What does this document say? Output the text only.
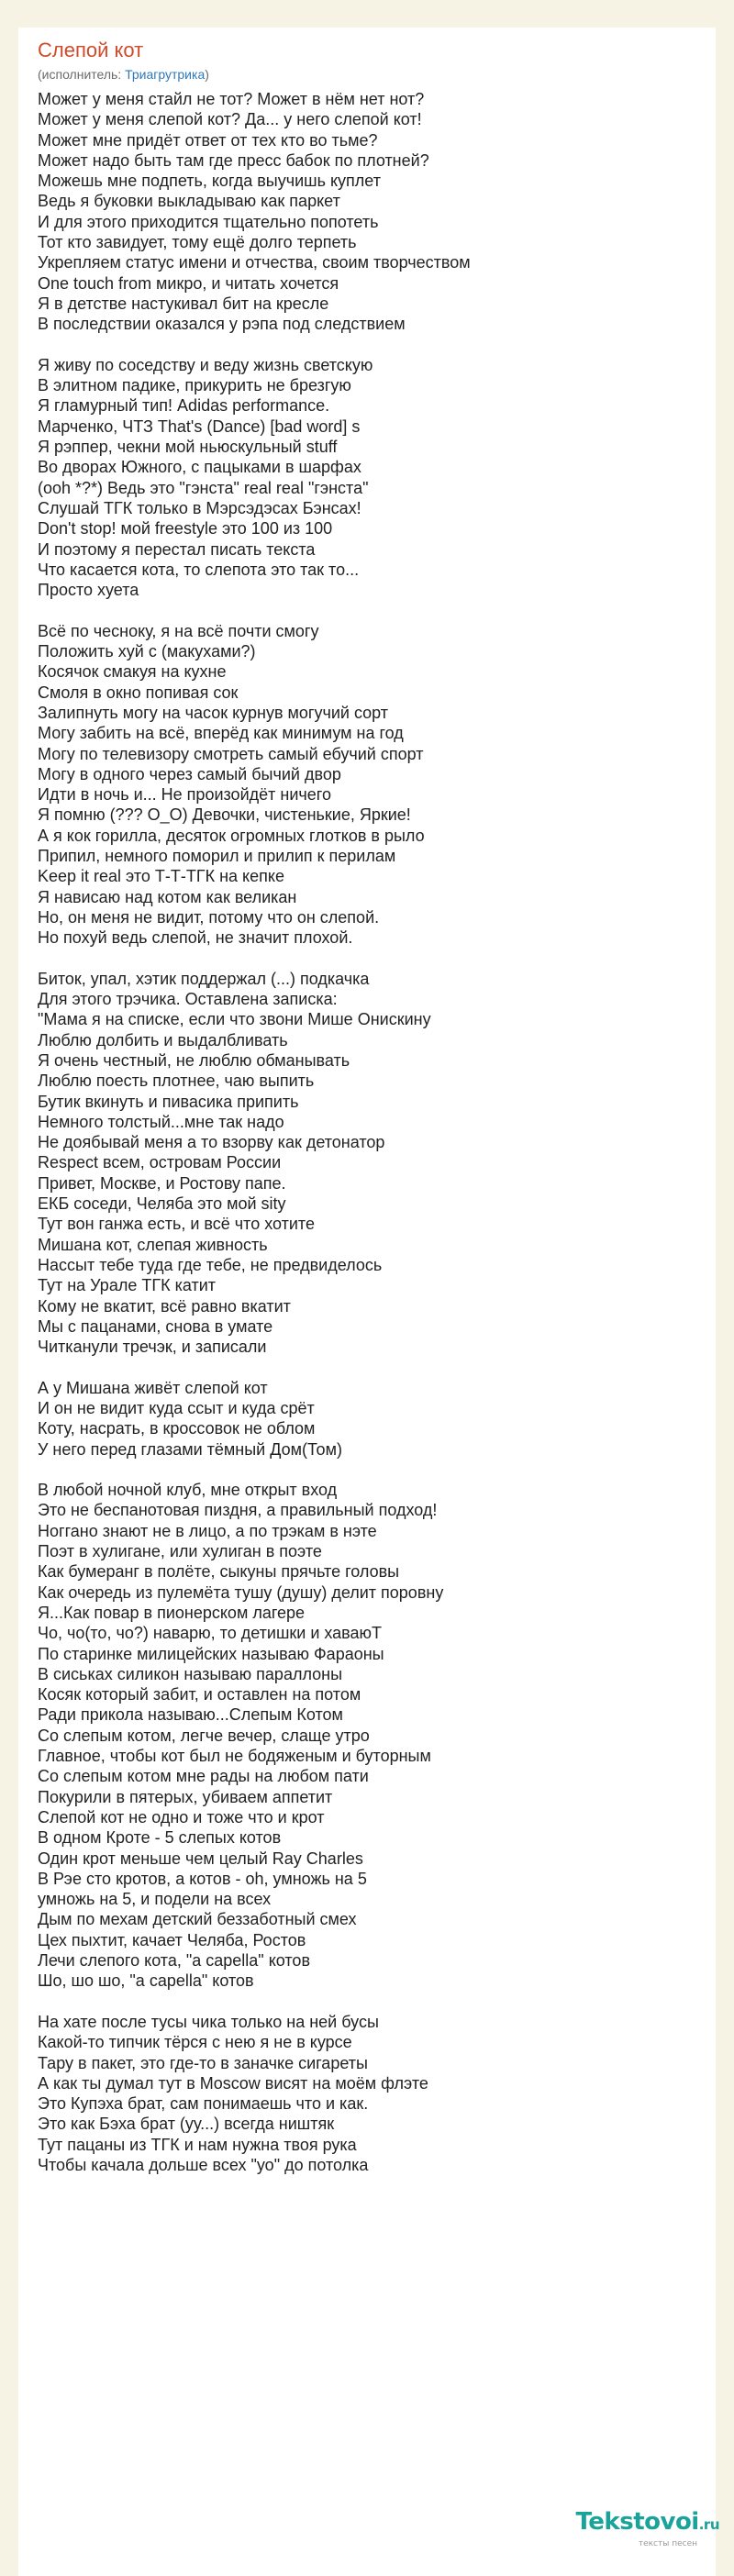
Слепой кот
(исполнитель: Триагрутрика)
Может у меня стайл не тот? Может в нём нет нот?
Может у меня слепой кот? Да... у него слепой кот!
Может мне придёт ответ от тех кто во тьме?
Может надо быть там где пресс бабок по плотней?
Можешь мне подпеть, когда выучишь куплет
Ведь я буковки выкладываю как паркет
И для этого приходится тщательно попотеть
Тот кто завидует, тому ещё долго терпеть
Укрепляем статус имени и отчества, своим творчеством
One touch from микро, и читать хочется
Я в детстве настукивал бит на кресле
В последствии оказался у рэпа под следствием
Я живу по соседству и веду жизнь светскую
В элитном падике, прикурить не брезгую
Я гламурный тип! Adidas performance.
Марченко, ЧТЗ That's (Dance) [bad word] s
Я рэппер, чекни мой ньюскульный stuff
Во дворах Южного, с пацыками в шарфах
(ooh *?*) Ведь это "гэнста" real real "гэнста"
Слушай ТГК только в Мэрсэдэсах Бэнсах!
Don't stop! мой freestyle это 100 из 100
И поэтому я перестал писать текста
Что касается кота, то слепота это так то...
Просто хуета
Всё по чесноку, я на всё почти смогу
Положить хуй с (макухами?)
Косячок смакуя на кухне
Смоля в окно попивая сок
Залипнуть могу на часок курнув могучий сорт
Могу забить на всё, вперёд как минимум на год
Могу по телевизору смотреть самый ебучий спорт
Могу в одного через самый бычий двор
Идти в ночь и... Не произойдёт ничего
Я помню (??? О_О) Девочки, чистенькие, Яркие!
А я кок горилла, десяток огромных глотков в рыло
Припил, немного поморил и прилип к перилам
Keep it real это Т-Т-ТГК на кепке
Я нависаю над котом как великан
Но, он меня не видит, потому что он слепой.
Но похуй ведь слепой, не значит плохой.
Биток, упал, хэтик поддержал (...) подкачка
Для этого трэчика. Оставлена записка:
"Мама я на списке, если что звони Мише Онискину
Люблю долбить и выдалбливать
Я очень честный, не люблю обманывать
Люблю поесть плотнее, чаю выпить
Бутик вкинуть и пивасика припить
Немного толстый...мне так надо
Не доябывай меня а то взорву как детонатор
Respect всем, островам России
Привет, Москве, и Ростову папе.
ЕКБ соседи, Челяба это мой sity
Тут вон ганжа есть, и всё что хотите
Мишана кот, слепая живность
Нассыт тебе туда где тебе, не предвиделось
Тут на Урале ТГК катит
Кому не вкатит, всё равно вкатит
Мы с пацанами, снова в умате
Читканули тречэк, и записали
А у Мишана живёт слепой кот
И он не видит куда ссыт и куда срёт
Коту, насрать, в кроссовок не облом
У него перед глазами тёмный Дом(Том)
В любой ночной клуб, мне открыт вход
Это не беспанотовая пиздня, а правильный подход!
Ноггано знают не в лицо, а по трэкам в нэте
Поэт в хулигане, или хулиган в поэте
Как бумеранг в полёте, сыкуны прячьте головы
Как очередь из пулемёта тушу (душу) делит поровну
Я...Как повар в пионерском лагере
Чо, чо(то, чо?) наварю, то детишки и хаваюТ
По старинке милицейских называю Фараоны
В сиськах силикон называю параллоны
Косяк который забит, и оставлен на потом
Ради прикола называю...Слепым Котом
Со слепым котом, легче вечер, слаще утро
Главное, чтобы кот был не бодяженым и буторным
Со слепым котом мне рады на любом пати
Покурили в пятерых, убиваем аппетит
Слепой кот не одно и тоже что и крот
В одном Кроте - 5 слепых котов
Один крот меньше чем целый Ray Charles
В Рэе сто кротов, а котов - oh, умножь на 5
умножь на 5, и подели на всех
Дым по мехам детский беззаботный смех
Цех пыхтит, качает Челяба, Ростов
Лечи слепого кота, "a capella" котов
Шо, шо шо, "a capella" котов
На хате после тусы чика только на ней бусы
Какой-то типчик тёрся с нею я не в курсе
Тару в пакет, это где-то в заначке сигареты
А как ты думал тут в Moscow висят на моём флэте
Это Купэха брат, сам понимаешь что и как.
Это как Бэха брат (уу...) всегда ништяк
Тут пацаны из ТГК и нам нужна твоя рука
Чтобы качала дольше всех "уо" до потолка
Tekstovoi.ru
тексты песен
